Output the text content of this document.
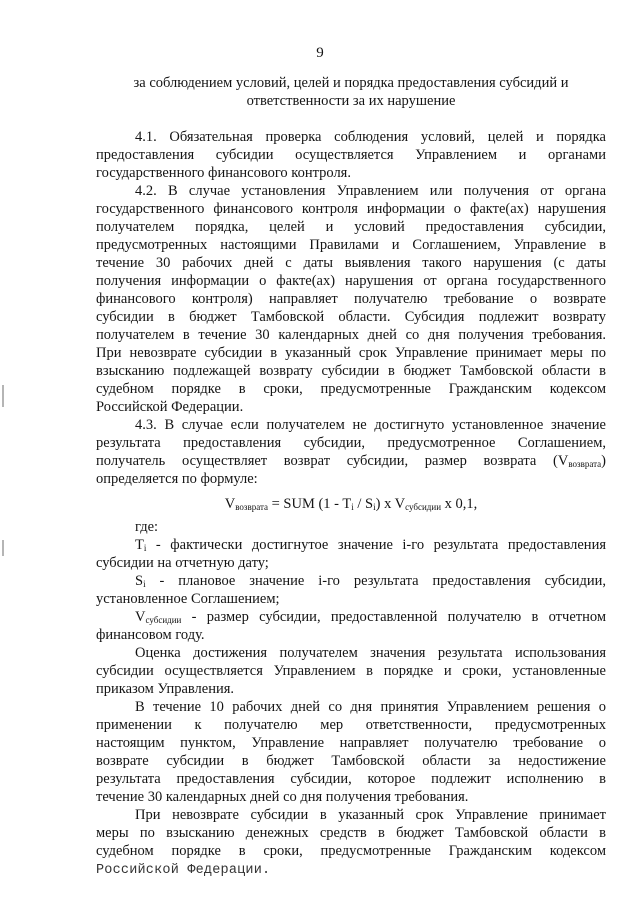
9
за соблюдением условий, целей и порядка предоставления субсидий и
ответственности за их нарушение
4.1. Обязательная проверка соблюдения условий, целей и порядка
предоставления субсидии осуществляется Управлением и органами
государственного финансового контроля.
4.2. В случае установления Управлением или получения от органа
государственного финансового контроля информации о факте(ах) нарушения
получателем порядка, целей и условий предоставления субсидии,
предусмотренных настоящими Правилами и Соглашением, Управление в
течение 30 рабочих дней с даты выявления такого нарушения (с даты
получения информации о факте(ах) нарушения от органа государственного
финансового контроля) направляет получателю требование о возврате
субсидии в бюджет Тамбовской области. Субсидия подлежит возврату
получателем в течение 30 календарных дней со дня получения требования.
При невозврате субсидии в указанный срок Управление принимает меры по
взысканию подлежащей возврату субсидии в бюджет Тамбовской области в
судебном порядке в сроки, предусмотренные Гражданским кодексом
Российской Федерации.
4.3. В случае если получателем не достигнуто установленное значение
результата предоставления субсидии, предусмотренное Соглашением,
получатель осуществляет возврат субсидии, размер возврата $(V_{возврата})$
определяется по формуле:
где:
$T_i$ - фактически достигнутое значение i-го результата предоставления
субсидии на отчетную дату;
$S_i$ - плановое значение i-го результата предоставления субсидии,
установленное Соглашением;
$V_{субсидии}$ - размер субсидии, предоставленной получателю в отчетном
финансовом году.
Оценка достижения получателем значения результата использования
субсидии осуществляется Управлением в порядке и сроки, установленные
приказом Управления.
В течение 10 рабочих дней со дня принятия Управлением решения о
применении к получателю мер ответственности, предусмотренных
настоящим пунктом, Управление направляет получателю требование о
возврате субсидии в бюджет Тамбовской области за недостижение
результата предоставления субсидии, которое подлежит исполнению в
течение 30 календарных дней со дня получения требования.
При невозврате субсидии в указанный срок Управление принимает
меры по взысканию денежных средств в бюджет Тамбовской области в
судебном порядке в сроки, предусмотренные Гражданским кодексом
Российской Федерации.
$V_{возврата}$ = SUM $(1 - T_i / S_i)$ x $V_{субсидии}$ x 0,1,
